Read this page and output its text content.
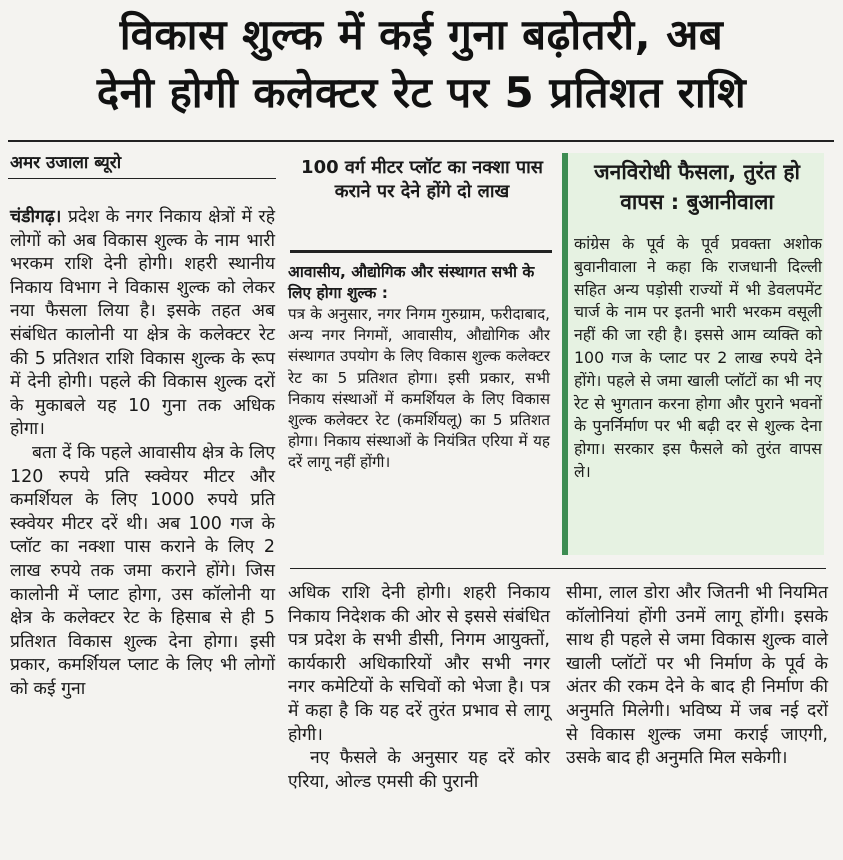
विकास शुल्क में कई गुना बढ़ोतरी, अब
देनी होगी कलेक्टर रेट पर 5 प्रतिशत राशि
अमर उजाला ब्यूरो

चंडीगढ़। प्रदेश के नगर निकाय क्षेत्रों में रहे लोगों को अब विकास शुल्क के नाम भारी भरकम राशि देनी होगी। शहरी स्थानीय निकाय विभाग ने विकास शुल्क को लेकर नया फैसला लिया है। इसके तहत अब संबंधित कालोनी या क्षेत्र के कलेक्टर रेट की 5 प्रतिशत राशि विकास शुल्क के रूप में देनी होगी। पहले की विकास शुल्क दरों के मुकाबले यह 10 गुना तक अधिक होगा।

बता दें कि पहले आवासीय क्षेत्र के लिए 120 रुपये प्रति स्क्वेयर मीटर और कमर्शियल के लिए 1000 रुपये प्रति स्क्वेयर मीटर दरें थी। अब 100 गज के प्लॉट का नक्शा पास कराने के लिए 2 लाख रुपये तक जमा कराने होंगे। जिस कालोनी में प्लाट होगा, उस कॉलोनी या क्षेत्र के कलेक्टर रेट के हिसाब से ही 5 प्रतिशत विकास शुल्क देना होगा। इसी प्रकार, कमर्शियल प्लाट के लिए भी लोगों को कई गुना

100 वर्ग मीटर प्लॉट का नक्शा पास कराने पर देने होंगे दो लाख
आवासीय, औद्योगिक और संस्थागत सभी के लिए होगा शुल्क :
पत्र के अनुसार, नगर निगम गुरुग्राम, फरीदाबाद, अन्य नगर निगमों, आवासीय, औद्योगिक और संस्थागत उपयोग के लिए विकास शुल्क कलेक्टर रेट का 5 प्रतिशत होगा। इसी प्रकार, सभी निकाय संस्थाओं में कमर्शियल के लिए विकास शुल्क कलेक्टर रेट (कमर्शियलू) का 5 प्रतिशत होगा। निकाय संस्थाओं के नियंत्रित एरिया में यह दरें लागू नहीं होंगी।
जनविरोधी फैसला, तुरंत हो वापस : बुआनीवाला
कांग्रेस के पूर्व के पूर्व प्रवक्ता अशोक बुवानीवाला ने कहा कि राजधानी दिल्ली सहित अन्य पड़ोसी राज्यों में भी डेवलपमेंट चार्ज के नाम पर इतनी भारी भरकम वसूली नहीं की जा रही है। इससे आम व्यक्ति को 100 गज के प्लाट पर 2 लाख रुपये देने होंगे। पहले से जमा खाली प्लॉटों का भी नए रेट से भुगतान करना होगा और पुराने भवनों के पुनर्निर्माण पर भी बढ़ी दर से शुल्क देना होगा। सरकार इस फैसले को तुरंत वापस ले।

अधिक राशि देनी होगी। शहरी निकाय निकाय निदेशक की ओर से इससे संबंधित पत्र प्रदेश के सभी डीसी, निगम आयुक्तों, कार्यकारी अधिकारियों और सभी नगर नगर कमेटियों के सचिवों को भेजा है। पत्र में कहा है कि यह दरें तुरंत प्रभाव से लागू होगी।

नए फैसले के अनुसार यह दरें कोर एरिया, ओल्ड एमसी की पुरानी

सीमा, लाल डोरा और जितनी भी नियमित कॉलोनियां होंगी उनमें लागू होंगी। इसके साथ ही पहले से जमा विकास शुल्क वाले खाली प्लॉटों पर भी निर्माण के पूर्व के अंतर की रकम देने के बाद ही निर्माण की अनुमति मिलेगी। भविष्य में जब नई दरों से विकास शुल्क जमा कराई जाएगी, उसके बाद ही अनुमति मिल सकेगी।
